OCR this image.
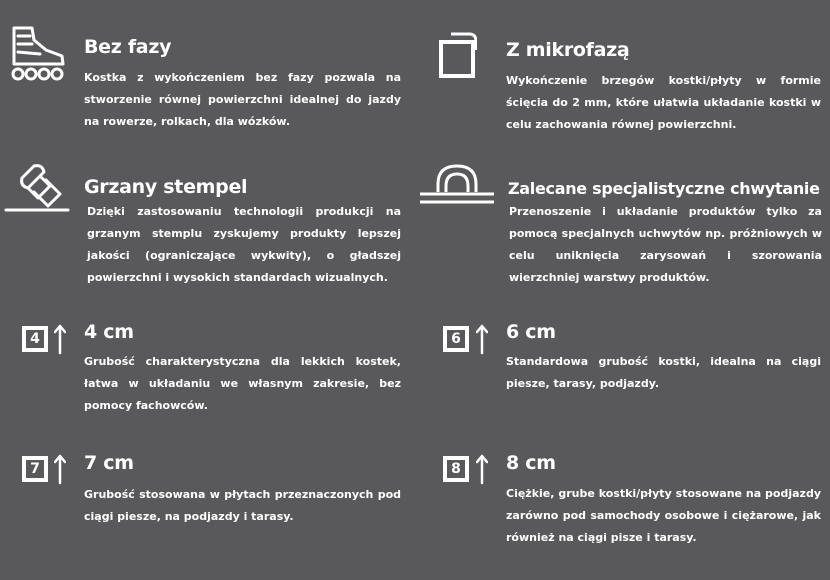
Bez fazy
Kostka z wykończeniem bez fazy pozwala na stworzenie równej powierzchni idealnej do jazdy na rowerze, rolkach, dla wózków.
Z mikrofazą
Wykończenie brzegów kostki/płyty w formie ścięcia do 2 mm, które ułatwia układanie kostki w celu zachowania równej powierzchni.
Grzany stempel
Dzięki zastosowaniu technologii produkcji na grzanym stemplu zyskujemy produkty lepszej jakości (ograniczające wykwity), o gładszej powierzchni i wysokich standardach wizualnych.
Zalecane specjalistyczne chwytanie
Przenoszenie i układanie produktów tylko za pomocą specjalnych uchwytów np. próżniowych w celu uniknięcia zarysowań i szorowania wierzchniej warstwy produktów.
4	4 cm
Grubość charakterystyczna dla lekkich kostek, łatwa w układaniu we własnym zakresie, bez pomocy fachowców.
6	6 cm
Standardowa grubość kostki, idealna na ciągi piesze, tarasy, podjazdy.
7	7 cm
Grubość stosowana w płytach przeznaczonych pod ciągi piesze, na podjazdy i tarasy.
8	8 cm
Ciężkie, grube kostki/płyty stosowane na podjazdy zarówno pod samochody osobowe i ciężarowe, jak również na ciągi pisze i tarasy.
